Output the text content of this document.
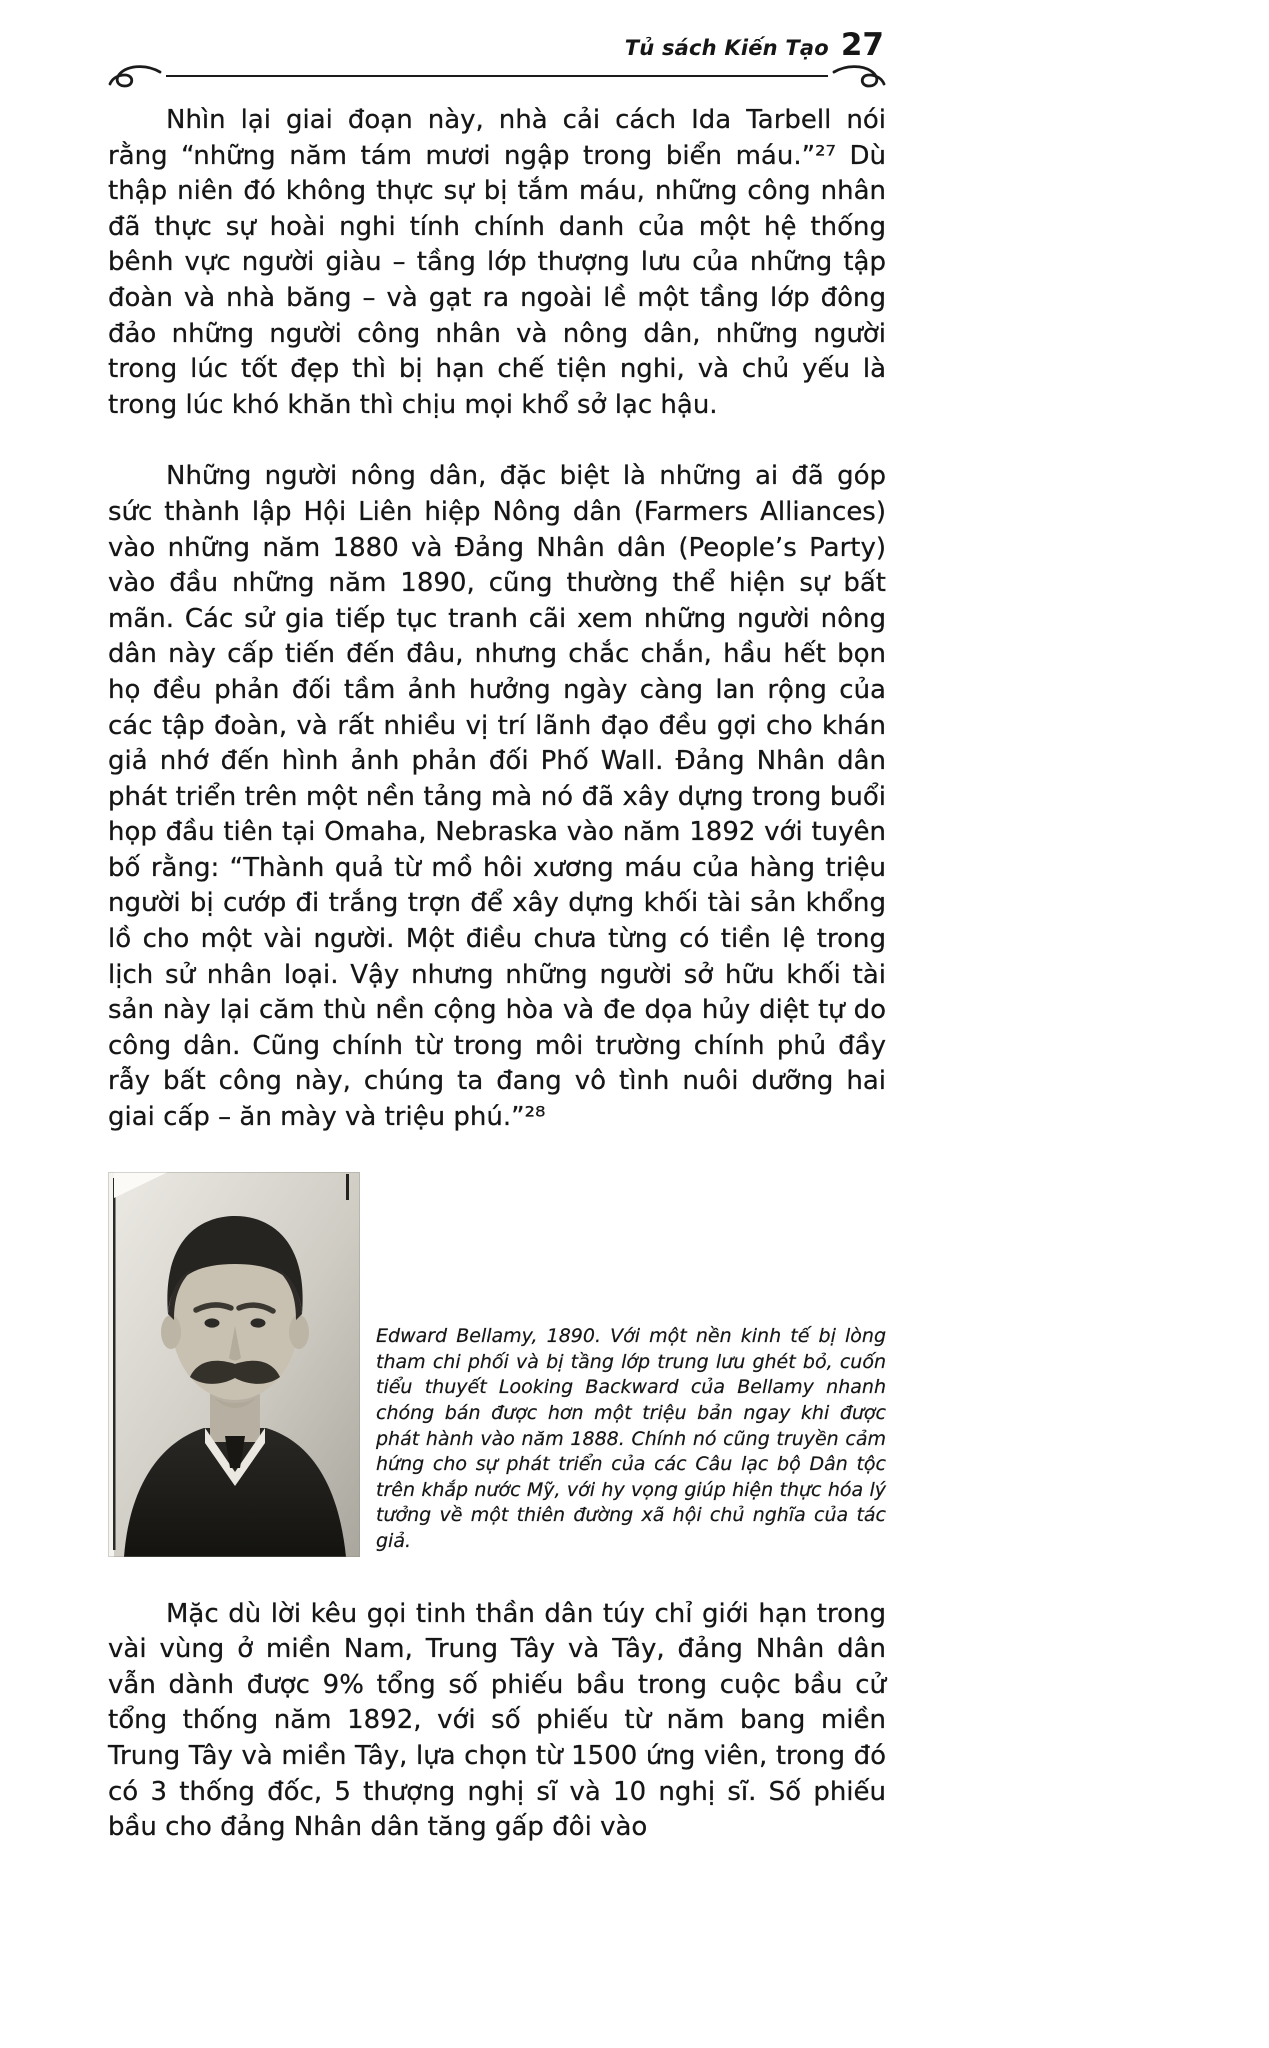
Tủ sách Kiến Tạo 27

Nhìn lại giai đoạn này, nhà cải cách Ida Tarbell nói rằng “những năm tám mươi ngập trong biển máu.”²⁷ Dù thập niên đó không thực sự bị tắm máu, những công nhân đã thực sự hoài nghi tính chính danh của một hệ thống bênh vực người giàu – tầng lớp thượng lưu của những tập đoàn và nhà băng – và gạt ra ngoài lề một tầng lớp đông đảo những người công nhân và nông dân, những người trong lúc tốt đẹp thì bị hạn chế tiện nghi, và chủ yếu là trong lúc khó khăn thì chịu mọi khổ sở lạc hậu.

Những người nông dân, đặc biệt là những ai đã góp sức thành lập Hội Liên hiệp Nông dân (Farmers Alliances) vào những năm 1880 và Đảng Nhân dân (People’s Party) vào đầu những năm 1890, cũng thường thể hiện sự bất mãn. Các sử gia tiếp tục tranh cãi xem những người nông dân này cấp tiến đến đâu, nhưng chắc chắn, hầu hết bọn họ đều phản đối tầm ảnh hưởng ngày càng lan rộng của các tập đoàn, và rất nhiều vị trí lãnh đạo đều gợi cho khán giả nhớ đến hình ảnh phản đối Phố Wall. Đảng Nhân dân phát triển trên một nền tảng mà nó đã xây dựng trong buổi họp đầu tiên tại Omaha, Nebraska vào năm 1892 với tuyên bố rằng: “Thành quả từ mồ hôi xương máu của hàng triệu người bị cướp đi trắng trợn để xây dựng khối tài sản khổng lồ cho một vài người. Một điều chưa từng có tiền lệ trong lịch sử nhân loại. Vậy nhưng những người sở hữu khối tài sản này lại căm thù nền cộng hòa và đe dọa hủy diệt tự do công dân. Cũng chính từ trong môi trường chính phủ đầy rẫy bất công này, chúng ta đang vô tình nuôi dưỡng hai giai cấp – ăn mày và triệu phú.”²⁸

Edward Bellamy, 1890. Với một nền kinh tế bị lòng tham chi phối và bị tầng lớp trung lưu ghét bỏ, cuốn tiểu thuyết Looking Backward của Bellamy nhanh chóng bán được hơn một triệu bản ngay khi được phát hành vào năm 1888. Chính nó cũng truyền cảm hứng cho sự phát triển của các Câu lạc bộ Dân tộc trên khắp nước Mỹ, với hy vọng giúp hiện thực hóa lý tưởng về một thiên đường xã hội chủ nghĩa của tác giả.

Mặc dù lời kêu gọi tinh thần dân túy chỉ giới hạn trong vài vùng ở miền Nam, Trung Tây và Tây, đảng Nhân dân vẫn dành được 9% tổng số phiếu bầu trong cuộc bầu cử tổng thống năm 1892, với số phiếu từ năm bang miền Trung Tây và miền Tây, lựa chọn từ 1500 ứng viên, trong đó có 3 thống đốc, 5 thượng nghị sĩ và 10 nghị sĩ. Số phiếu bầu cho đảng Nhân dân tăng gấp đôi vào
